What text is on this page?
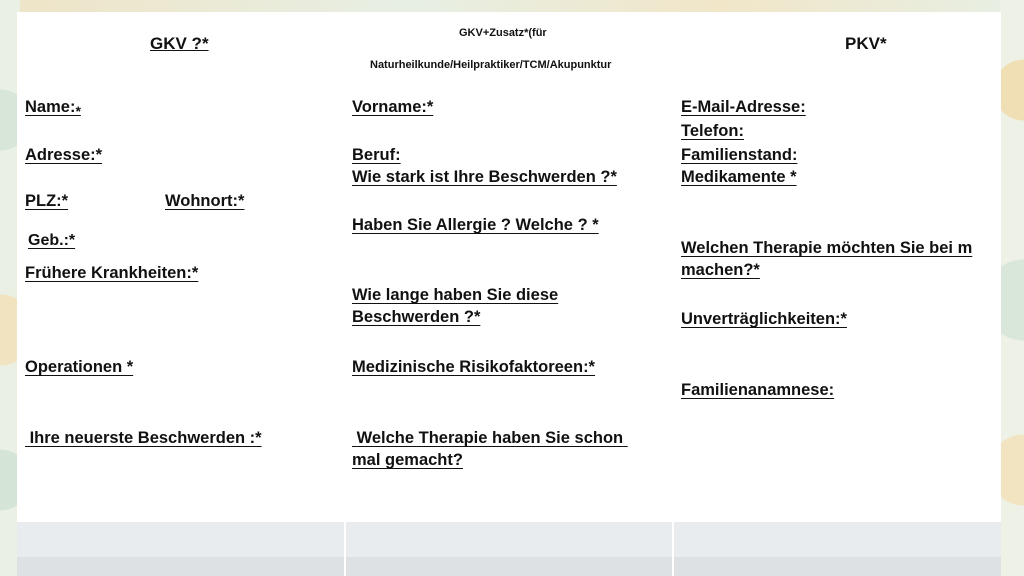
GKV ?*
$Name:_*$
Adresse:*
PLZ:*	Wohnort:*
Geb.:*
Frühere Krankheiten:*
Operationen *
Ihre neuerste Beschwerden :*
GKV+Zusatz*(für
Naturheilkunde/Heilpraktiker/TCM/Akupunktur
Vorname:*
Beruf:
Wie stark ist Ihre Beschwerden ?*
Haben Sie Allergie ? Welche ? *
Wie lange haben Sie diese Beschwerden ?*
Medizinische Risikofaktoreen:*
Welche Therapie haben Sie schon mal gemacht?
PKV*
E-Mail-Adresse:
Telefon:
Familienstand:
Medikamente *
Welchen Therapie möchten Sie bei m machen?*
Unverträglichkeiten:*
Familienanamnese:
